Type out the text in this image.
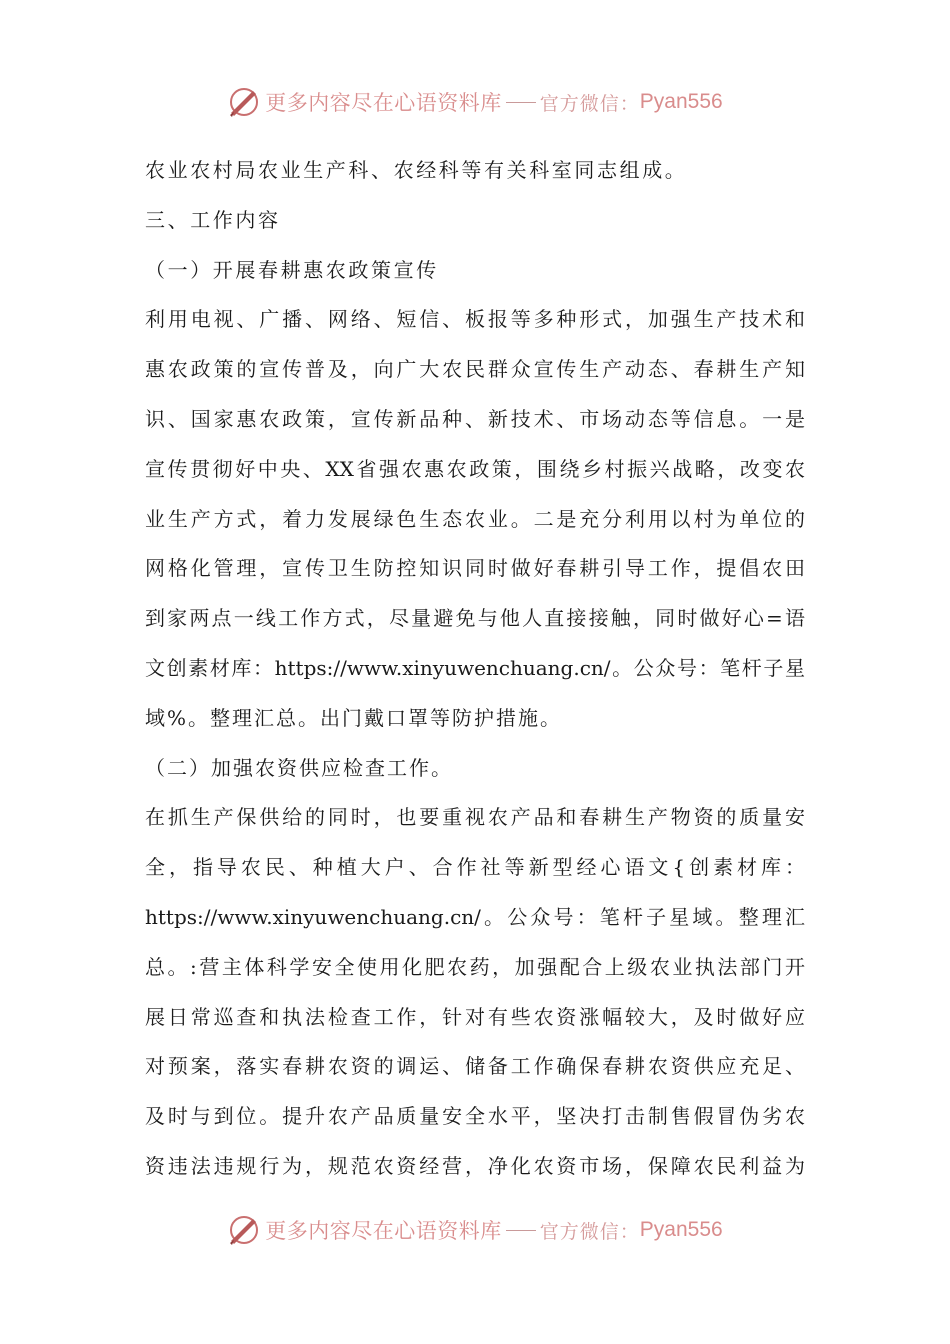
更多内容尽在心语资料库 官方微信： Pyan556
农业农村局农业生产科、农经科等有关科室同志组成。
三、工作内容
（一）开展春耕惠农政策宣传
利用电视、广播、网络、短信、板报等多种形式，加强生产技术和
惠农政策的宣传普及，向广大农民群众宣传生产动态、春耕生产知
识、国家惠农政策，宣传新品种、新技术、市场动态等信息。一是
宣传贯彻好中央、XX省强农惠农政策，围绕乡村振兴战略，改变农
业生产方式，着力发展绿色生态农业。二是充分利用以村为单位的
网格化管理，宣传卫生防控知识同时做好春耕引导工作，提倡农田
到家两点一线工作方式，尽量避免与他人直接接触，同时做好心=语
文创素材库：https://www.xinyuwenchuang.cn/。公众号：笔杆子星
域%。整理汇总。出门戴口罩等防护措施。
（二）加强农资供应检查工作。
在抓生产保供给的同时，也要重视农产品和春耕生产物资的质量安
全，指导农民、种植大户、合作社等新型经心语文{创素材库：
https://www.xinyuwenchuang.cn/。公众号：笔杆子星域。整理汇
总。:营主体科学安全使用化肥农药，加强配合上级农业执法部门开
展日常巡查和执法检查工作，针对有些农资涨幅较大，及时做好应
对预案，落实春耕农资的调运、储备工作确保春耕农资供应充足、
及时与到位。提升农产品质量安全水平，坚决打击制售假冒伪劣农
资违法违规行为，规范农资经营，净化农资市场，保障农民利益为
更多内容尽在心语资料库 官方微信： Pyan556
